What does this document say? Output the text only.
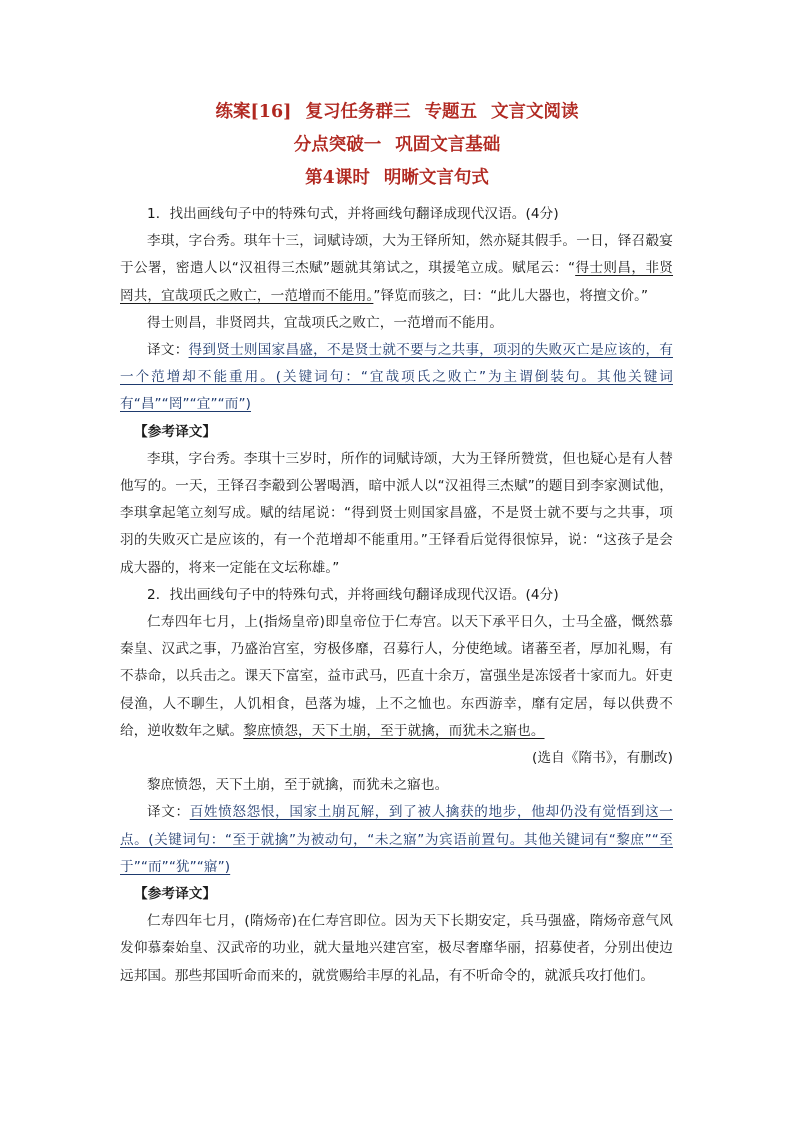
练案[16] 复习任务群三 专题五 文言文阅读
分点突破一 巩固文言基础
第4课时 明晰文言句式

1．找出画线句子中的特殊句式，并将画线句翻译成现代汉语。(4分)

李琪，字台秀。琪年十三，词赋诗颂，大为王铎所知，然亦疑其假手。一日，铎召觳宴于公署，密遣人以“汉祖得三杰赋”题就其第试之，琪援笔立成。赋尾云：“得士则昌，非贤罔共，宜哉项氏之败亡，一范增而不能用。”铎览而骇之，曰：“此儿大器也，将擅文价。”

得士则昌，非贤罔共，宜哉项氏之败亡，一范增而不能用。

译文：得到贤士则国家昌盛，不是贤士就不要与之共事，项羽的失败灭亡是应该的，有一个范增却不能重用。(关键词句：“宜哉项氏之败亡”为主谓倒装句。其他关键词有“昌”“罔”“宜”“而”)

【参考译文】

李琪，字台秀。李琪十三岁时，所作的词赋诗颂，大为王铎所赞赏，但也疑心是有人替他写的。一天，王铎召李觳到公署喝酒，暗中派人以“汉祖得三杰赋”的题目到李家测试他，李琪拿起笔立刻写成。赋的结尾说：“得到贤士则国家昌盛，不是贤士就不要与之共事，项羽的失败灭亡是应该的，有一个范增却不能重用。”王铎看后觉得很惊异，说：“这孩子是会成大器的，将来一定能在文坛称雄。”

2．找出画线句子中的特殊句式，并将画线句翻译成现代汉语。(4分)

仁寿四年七月，上(指炀皇帝)即皇帝位于仁寿宫。以天下承平日久，士马全盛，慨然慕秦皇、汉武之事，乃盛治宫室，穷极侈靡，召募行人，分使绝域。诸蕃至者，厚加礼赐，有不恭命，以兵击之。课天下富室，益市武马，匹直十余万，富强坐是冻馁者十家而九。奸吏侵渔，人不聊生，人饥相食，邑落为墟，上不之恤也。东西游幸，靡有定居，每以供费不给，逆收数年之赋。黎庶愤怨，天下土崩，至于就擒，而犹未之寤也。

(选自《隋书》，有删改)

黎庶愤怨，天下土崩，至于就擒，而犹未之寤也。

译文：百姓愤怒怨恨，国家土崩瓦解，到了被人擒获的地步，他却仍没有觉悟到这一点。(关键词句：“至于就擒”为被动句，“未之寤”为宾语前置句。其他关键词有“黎庶”“至于”“而”“犹”“寤”)

【参考译文】

仁寿四年七月，(隋炀帝)在仁寿宫即位。因为天下长期安定，兵马强盛，隋炀帝意气风发仰慕秦始皇、汉武帝的功业，就大量地兴建宫室，极尽奢靡华丽，招募使者，分别出使边远邦国。那些邦国听命而来的，就赏赐给丰厚的礼品，有不听命令的，就派兵攻打他们。
